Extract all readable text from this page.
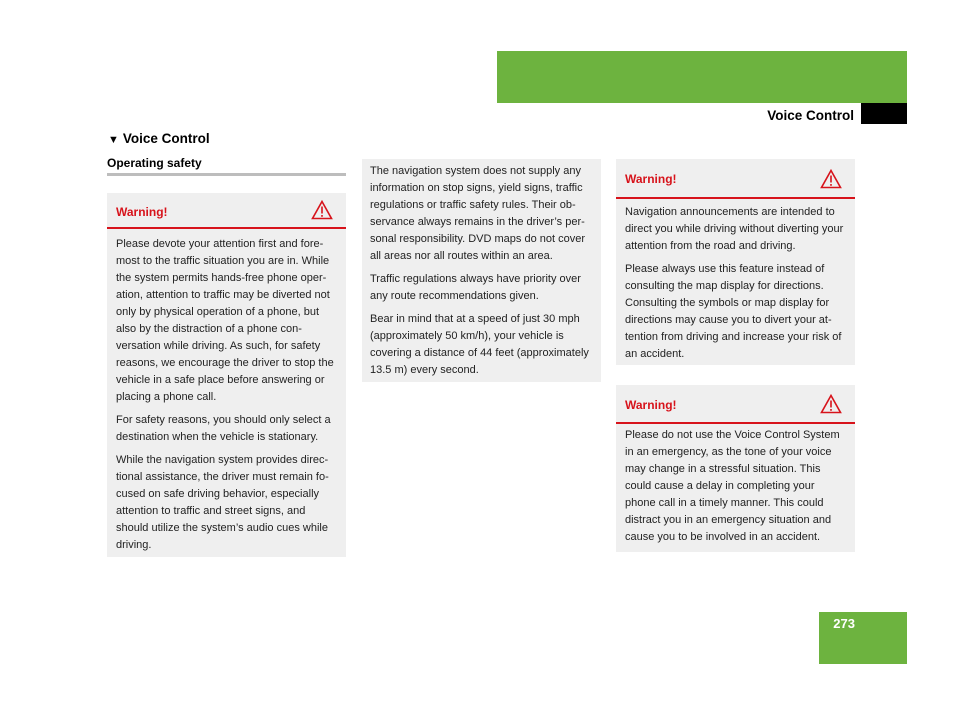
Control systems
Voice Control
▼ Voice Control
Operating safety
Warning!

Please devote your attention first and fore-most to the traffic situation you are in. While the system permits hands-free phone oper-ation, attention to traffic may be diverted not only by physical operation of a phone, but also by the distraction of a phone con-versation while driving. As such, for safety reasons, we encourage the driver to stop the vehicle in a safe place before answering or placing a phone call.

For safety reasons, you should only select a destination when the vehicle is stationary.

While the navigation system provides direc-tional assistance, the driver must remain fo-cused on safe driving behavior, especially attention to traffic and street signs, and should utilize the system’s audio cues while driving.

The navigation system does not supply any information on stop signs, yield signs, traffic regulations or traffic safety rules. Their ob-servance always remains in the driver’s per-sonal responsibility. DVD maps do not cover all areas nor all routes within an area.

Traffic regulations always have priority over any route recommendations given.

Bear in mind that at a speed of just 30 mph (approximately 50 km/h), your vehicle is covering a distance of 44 feet (approximately 13.5 m) every second.

Warning!

Navigation announcements are intended to direct you while driving without diverting your attention from the road and driving.

Please always use this feature instead of consulting the map display for directions. Consulting the symbols or map display for directions may cause you to divert your at-tention from driving and increase your risk of an accident.

Warning!

Please do not use the Voice Control System in an emergency, as the tone of your voice may change in a stressful situation. This could cause a delay in completing your phone call in a timely manner. This could distract you in an emergency situation and cause you to be involved in an accident.

273
